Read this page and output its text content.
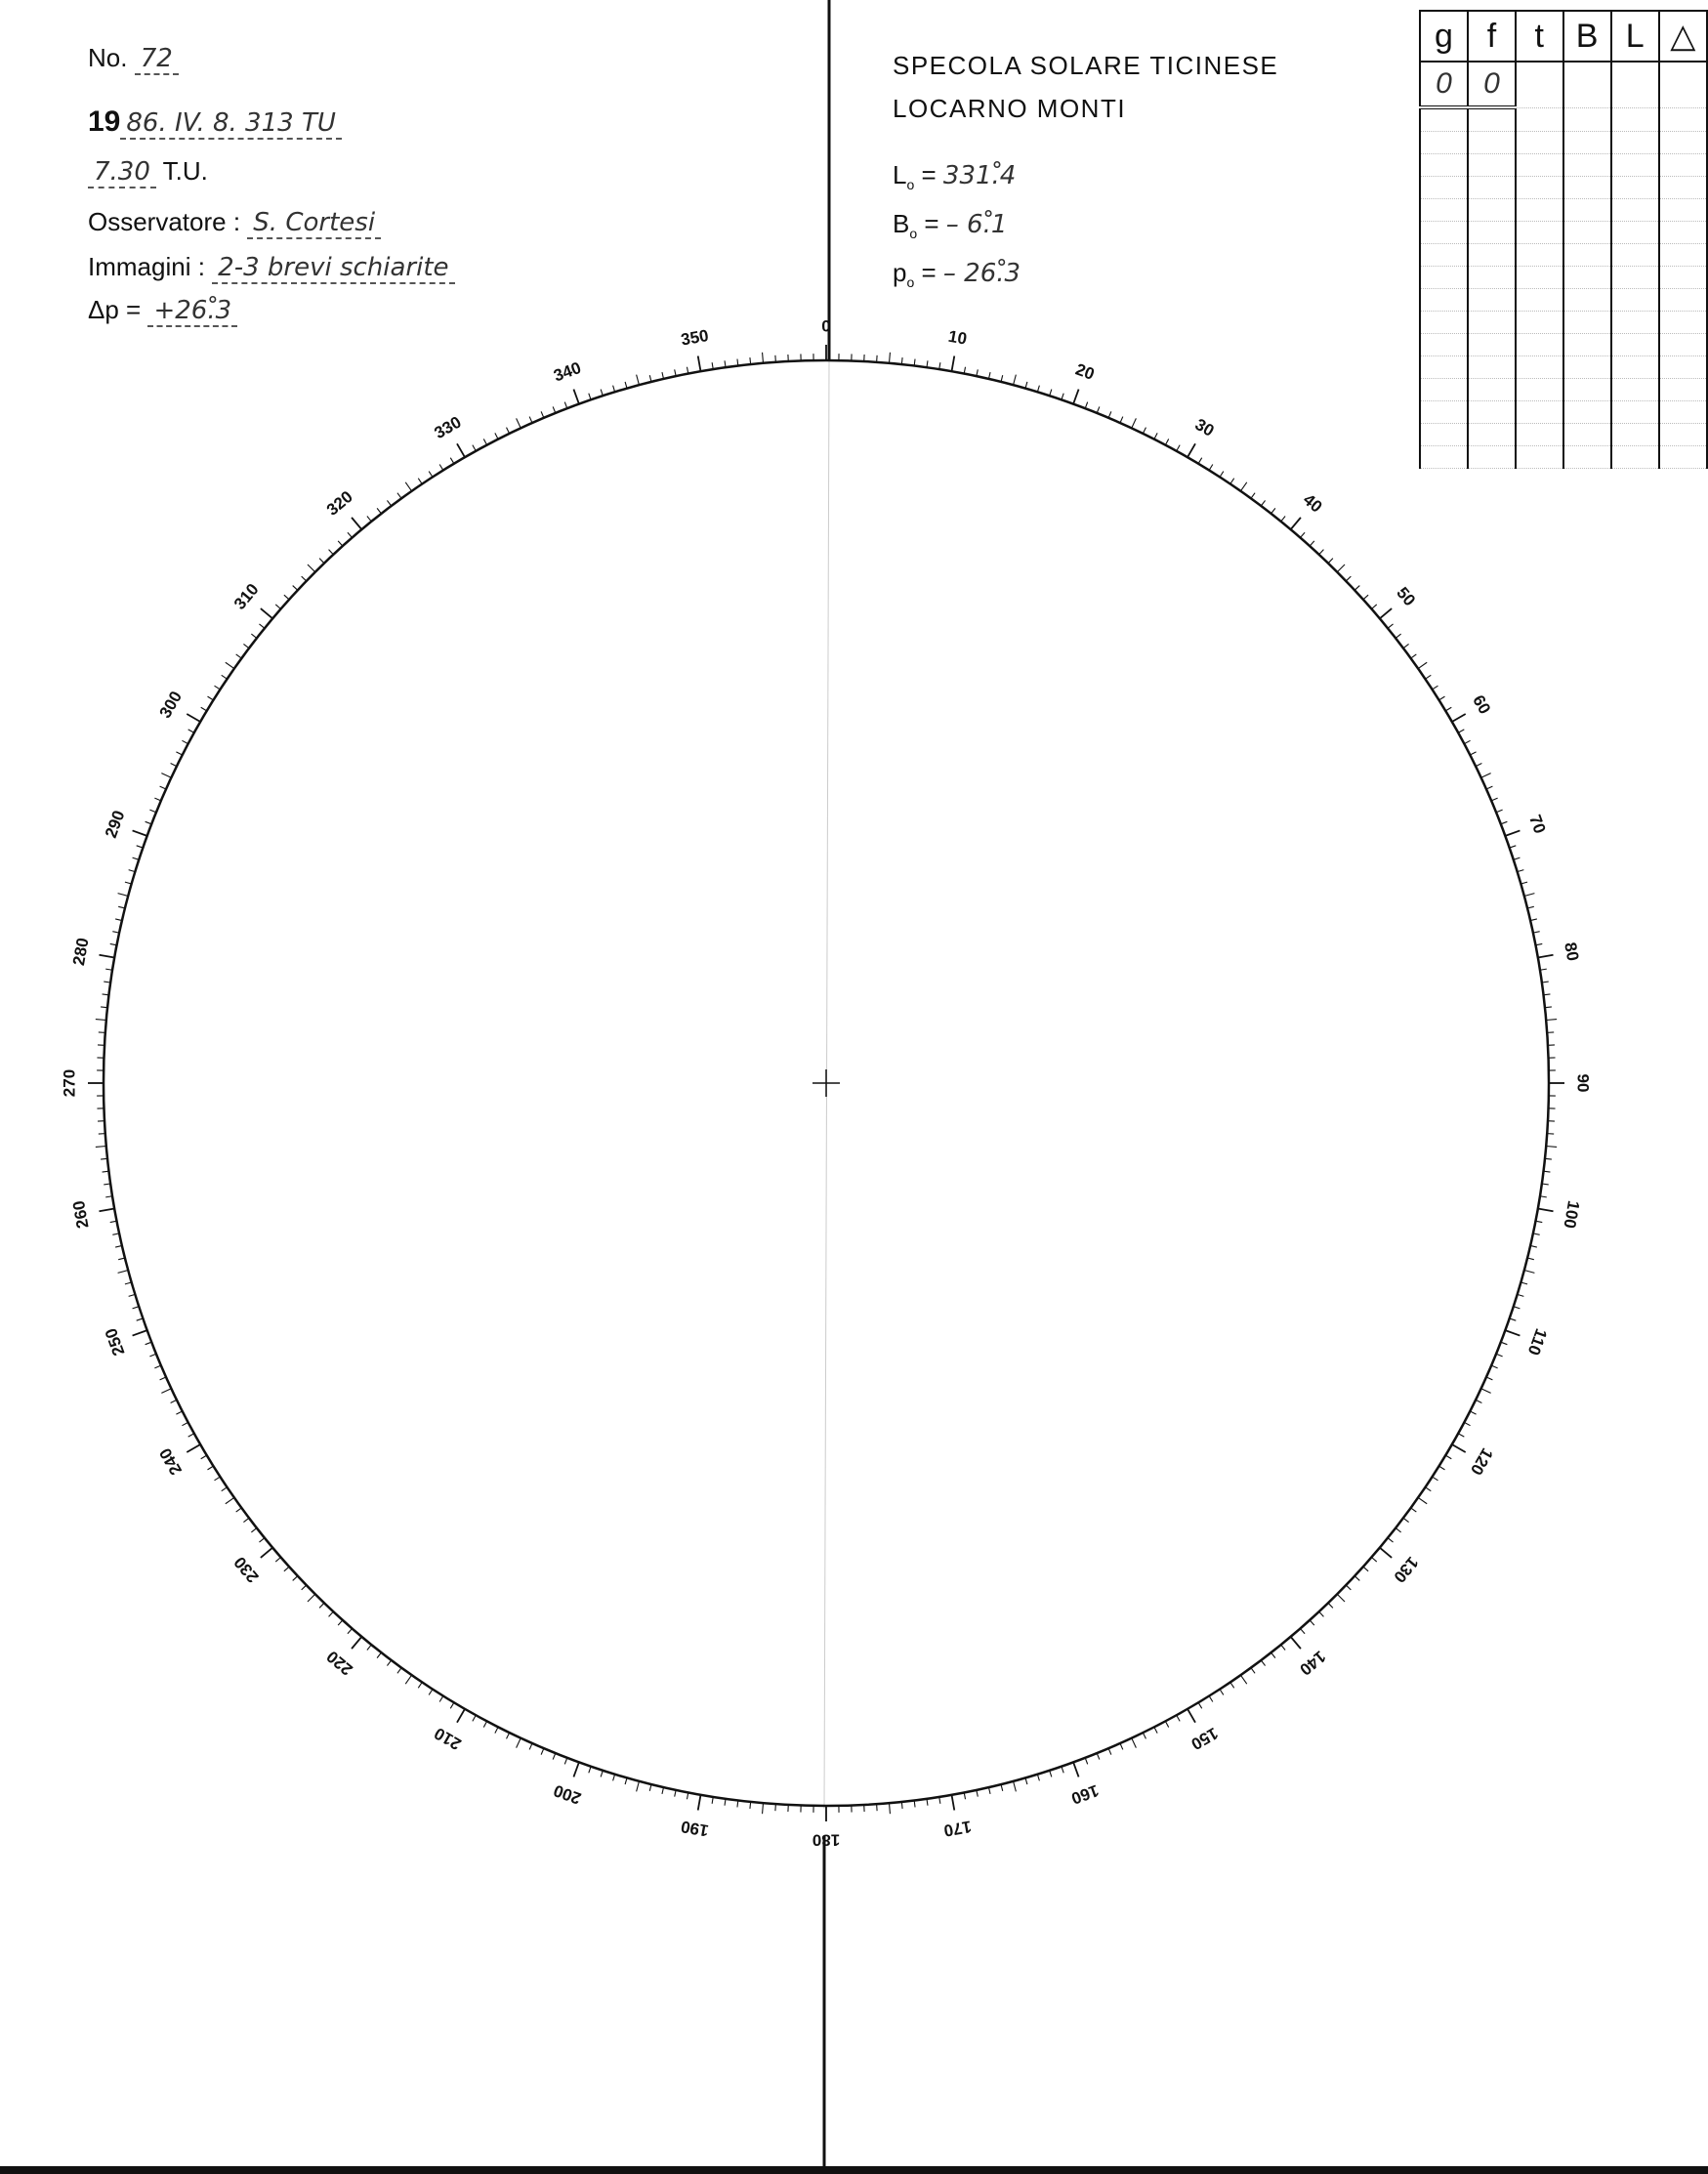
No. 72
19 86. IV. 8. 313 TU
7.30 T.U.
Osservatore : S. Cortesi
Immagini : 2-3 brevi schiarite
Δp = +26.̊3
SPECOLA SOLARE TICINESE
LOCARNO MONTI
$L_o$ = 331.̊4
$B_o$ = – 6.̊1
$p_o$ = – 26.̊3
g	f	t	B	L	△
0	0				

0
10
20
30
40
50
60
70
80
90
100
110
120
130
140
150
160
170
180
190
200
210
220
230
240
250
260
270
280
290
300
310
320
330
340
350
